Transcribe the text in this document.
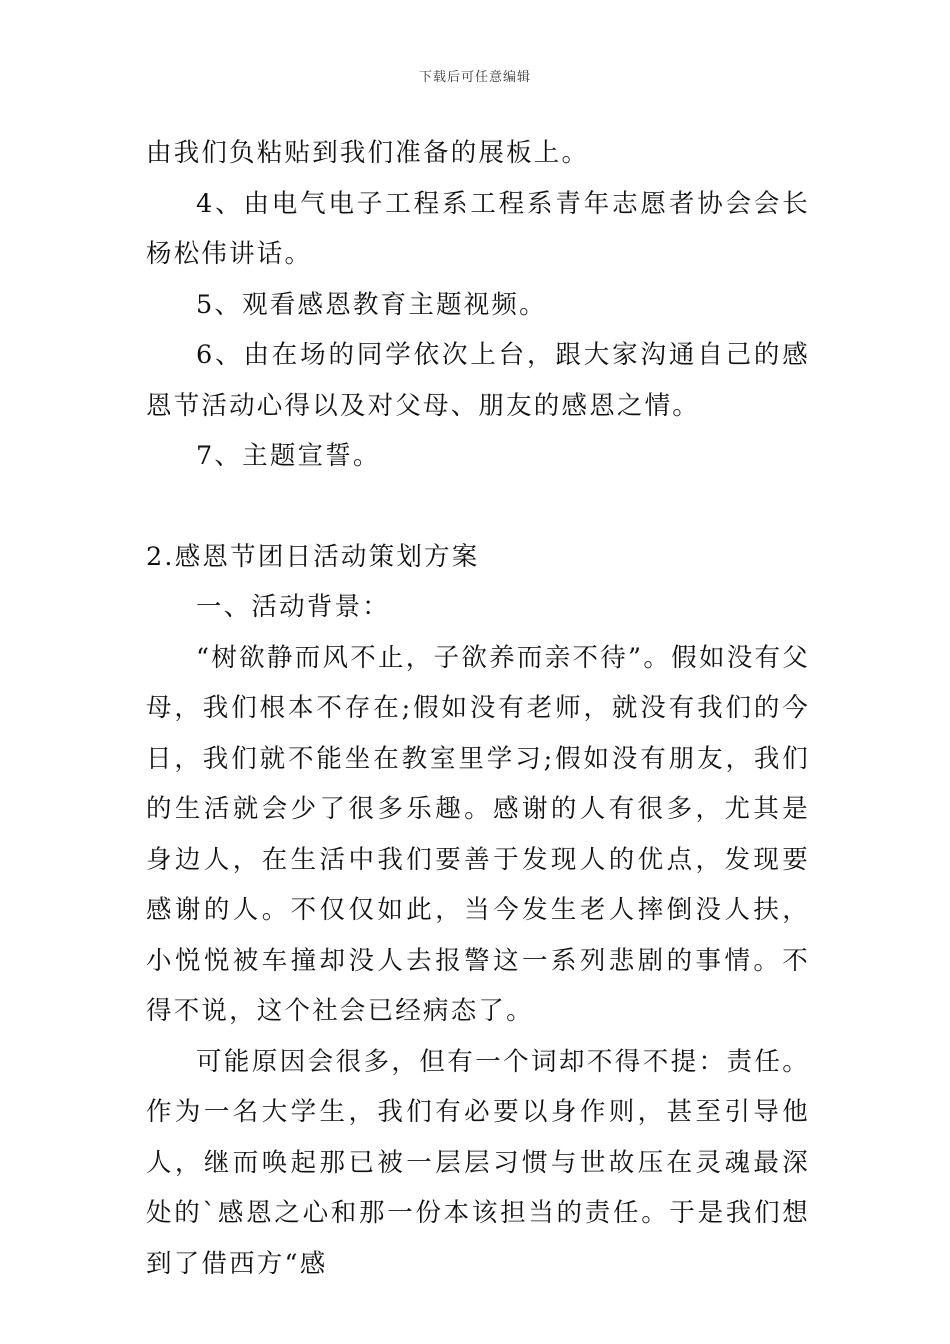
下载后可任意编辑

由我们负粘贴到我们准备的展板上。

4、由电气电子工程系工程系青年志愿者协会会长杨松伟讲话。

5、观看感恩教育主题视频。

6、由在场的同学依次上台，跟大家沟通自己的感恩节活动心得以及对父母、朋友的感恩之情。

7、主题宣誓。

2.感恩节团日活动策划方案

一、活动背景：

“树欲静而风不止，子欲养而亲不待”。假如没有父母，我们根本不存在;假如没有老师，就没有我们的今日，我们就不能坐在教室里学习;假如没有朋友，我们的生活就会少了很多乐趣。感谢的人有很多，尤其是身边人，在生活中我们要善于发现人的优点，发现要感谢的人。不仅仅如此，当今发生老人摔倒没人扶，小悦悦被车撞却没人去报警这一系列悲剧的事情。不得不说，这个社会已经病态了。

可能原因会很多，但有一个词却不得不提：责任。作为一名大学生，我们有必要以身作则，甚至引导他人，继而唤起那已被一层层习惯与世故压在灵魂最深处的`感恩之心和那一份本该担当的责任。于是我们想到了借西方“感
